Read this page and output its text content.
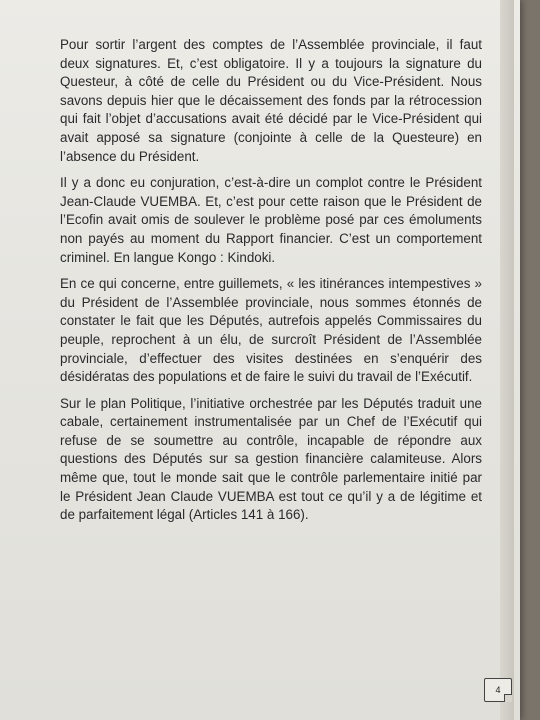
Pour sortir l’argent des comptes de l’Assemblée provinciale, il faut deux signatures. Et, c’est obligatoire. Il y a toujours la signature du Questeur, à côté de celle du Président ou du Vice-Président. Nous savons depuis hier que le décaissement des fonds par la rétrocession qui fait l’objet d’accusations avait été décidé par le Vice-Président qui avait apposé sa signature (conjointe à celle de la Questeure) en l’absence du Président.

Il y a donc eu conjuration, c’est-à-dire un complot contre le Président Jean-Claude VUEMBA. Et, c’est pour cette raison que le Président de l’Ecofin avait omis de soulever le problème posé par ces émoluments non payés au moment du Rapport financier. C’est un comportement criminel. En langue Kongo : Kindoki.

En ce qui concerne, entre guillemets, « les itinérances intempestives » du Président de l’Assemblée provinciale, nous sommes étonnés de constater le fait que les Députés, autrefois appelés Commissaires du peuple, reprochent à un élu, de surcroît Président de l’Assemblée provinciale, d’effectuer des visites destinées en s’enquérir des désidératas des populations et de faire le suivi du travail de l’Exécutif.

Sur le plan Politique, l’initiative orchestrée par les Députés traduit une cabale, certainement instrumentalisée par un Chef de l’Exécutif qui refuse de se soumettre au contrôle, incapable de répondre aux questions des Députés sur sa gestion financière calamiteuse. Alors même que, tout le monde sait que le contrôle parlementaire initié par le Président Jean Claude VUEMBA est tout ce qu’il y a de légitime et de parfaitement légal (Articles 141 à 166).

4
